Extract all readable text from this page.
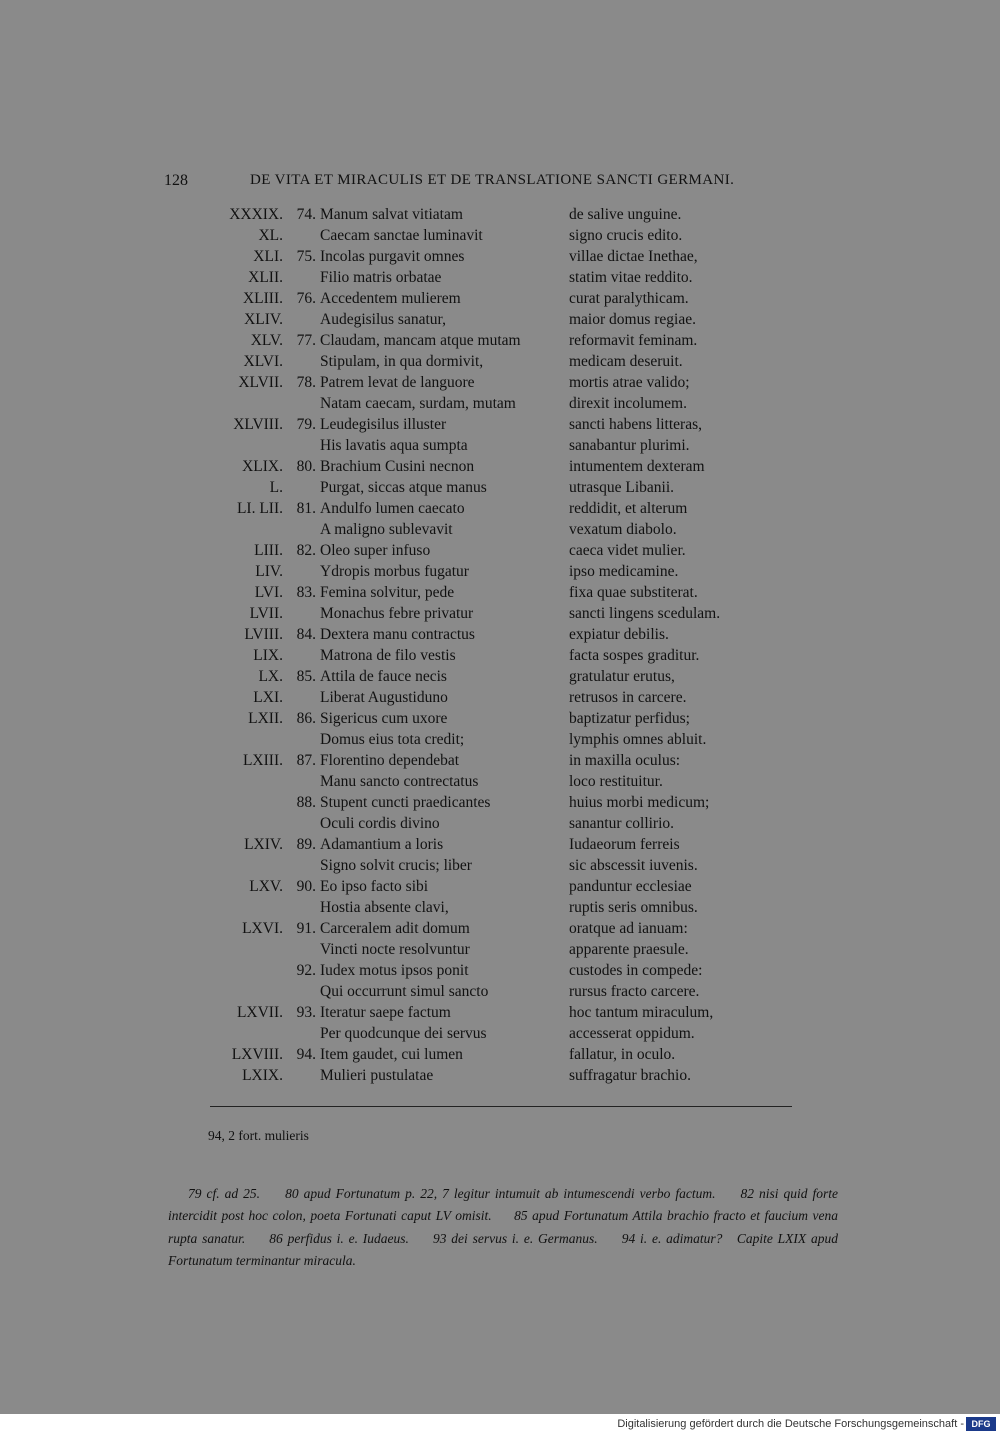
128	DE VITA ET MIRACULIS ET DE TRANSLATIONE SANCTI GERMANI.
XXXIX. 74. Manum salvat vitiatam	de salive unguine.
XL. Caecam sanctae luminavit	signo crucis edito.
XLI. 75. Incolas purgavit omnes	villae dictae Inethae,
XLII. Filio matris orbatae	statim vitae reddito.
XLIII. 76. Accedentem mulierem	curat paralythicam.
XLIV. Audegisilus sanatur,	maior domus regiae.
XLV. 77. Claudam, mancam atque mutam	reformavit feminam.
XLVI. Stipulam, in qua dormivit,	medicam deseruit.
XLVII. 78. Patrem levat de languore	mortis atrae valido;
Natam caecam, surdam, mutam	direxit incolumem.
XLVIII. 79. Leudegisilus illuster	sancti habens litteras,
His lavatis aqua sumpta	sanabantur plurimi.
XLIX. 80. Brachium Cusini necnon	intumentem dexteram
L. Purgat, siccas atque manus	utrasque Libanii.
LI. LII. 81. Andulfo lumen caecato	reddidit, et alterum
A maligno sublevavit	vexatum diabolo.
LIII. 82. Oleo super infuso	caeca videt mulier.
LIV. Ydropis morbus fugatur	ipso medicamine.
LVI. 83. Femina solvitur, pede	fixa quae substiterat.
LVII. Monachus febre privatur	sancti lingens scedulam.
LVIII. 84. Dextera manu contractus	expiatur debilis.
LIX. Matrona de filo vestis	facta sospes graditur.
LX. 85. Attila de fauce necis	gratulatur erutus,
LXI. Liberat Augustiduno	retrusos in carcere.
LXII. 86. Sigericus cum uxore	baptizatur perfidus;
Domus eius tota credit;	lymphis omnes abluit.
LXIII. 87. Florentino dependebat	in maxilla oculus:
Manu sancto contrectatus	loco restituitur.
88. Stupent cuncti praedicantes	huius morbi medicum;
Oculi cordis divino	sanantur collirio.
LXIV. 89. Adamantium a loris	Iudaeorum ferreis
Signo solvit crucis; liber	sic abscessit iuvenis.
LXV. 90. Eo ipso facto sibi	panduntur ecclesiae
Hostia absente clavi,	ruptis seris omnibus.
LXVI. 91. Carceralem adit domum	oratque ad ianuam:
Vincti nocte resolvuntur	apparente praesule.
92. Iudex motus ipsos ponit	custodes in compede:
Qui occurrunt simul sancto	rursus fracto carcere.
LXVII. 93. Iteratur saepe factum	hoc tantum miraculum,
Per quodcunque dei servus	accesserat oppidum.
LXVIII. 94. Item gaudet, cui lumen	fallatur, in oculo.
LXIX. Mulieri pustulatae	suffragatur brachio.
94, 2 fort. mulieris

79 cf. ad 25.     80 apud Fortunatum p. 22, 7 legitur intumuit ab intumescendi verbo factum.     82 nisi quid forte intercidit post hoc colon, poeta Fortunati caput LV omisit.     85 apud Fortunatum Attila brachio fracto et faucium vena rupta sanatur.     86 perfidus i. e. Iudaeus.     93 dei servus i. e. Germanus.     94 i. e. adimatur?   Capite LXIX apud Fortunatum terminantur miracula.

Digitalisierung gefördert durch die Deutsche Forschungsgemeinschaft - DFG
